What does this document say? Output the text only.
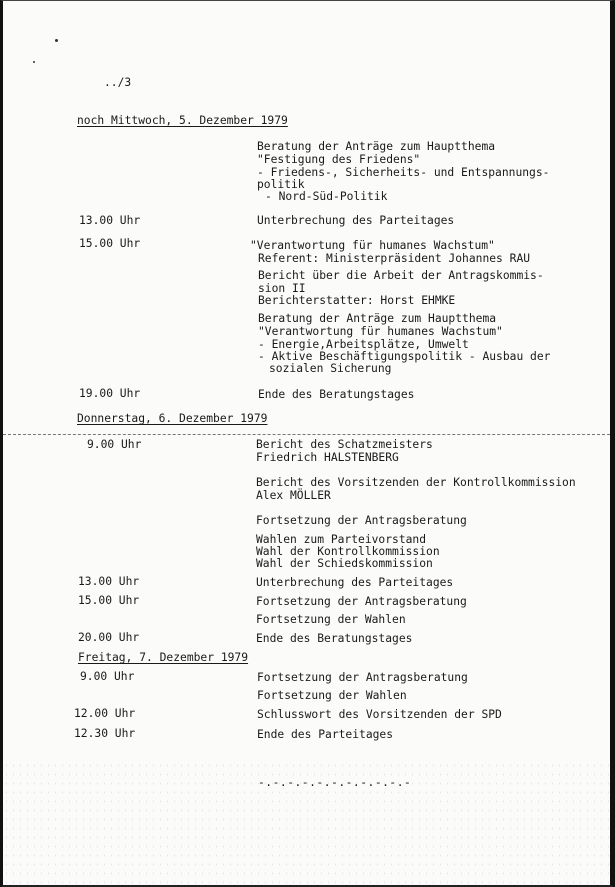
../3
noch Mittwoch, 5. Dezember 1979
Beratung der Anträge zum Hauptthema
"Festigung des Friedens"
- Friedens-, Sicherheits- und Entspannungs-
politik
- Nord-Süd-Politik
13.00 Uhr	Unterbrechung des Parteitages
15.00 Uhr	"Verantwortung für humanes Wachstum"
Referent: Ministerpräsident Johannes RAU
Bericht über die Arbeit der Antragskommis-
sion II
Berichterstatter: Horst EHMKE
Beratung der Anträge zum Hauptthema
"Verantwortung für humanes Wachstum"
- Energie,Arbeitsplätze, Umwelt
- Aktive Beschäftigungspolitik - Ausbau der
sozialen Sicherung
19.00 Uhr	Ende des Beratungstages
Donnerstag, 6. Dezember 1979
9.00 Uhr	Bericht des Schatzmeisters
Friedrich HALSTENBERG
Bericht des Vorsitzenden der Kontrollkommission
Alex MÖLLER
Fortsetzung der Antragsberatung
Wahlen zum Parteivorstand
Wahl der Kontrollkommission
Wahl der Schiedskommission
13.00 Uhr	Unterbrechung des Parteitages
15.00 Uhr	Fortsetzung der Antragsberatung
Fortsetzung der Wahlen
20.00 Uhr	Ende des Beratungstages
Freitag, 7. Dezember 1979
9.00 Uhr	Fortsetzung der Antragsberatung
Fortsetzung der Wahlen
12.00 Uhr	Schlusswort des Vorsitzenden der SPD
12.30 Uhr	Ende des Parteitages
-.-.-.-.-.-.-.-.-.-.-
